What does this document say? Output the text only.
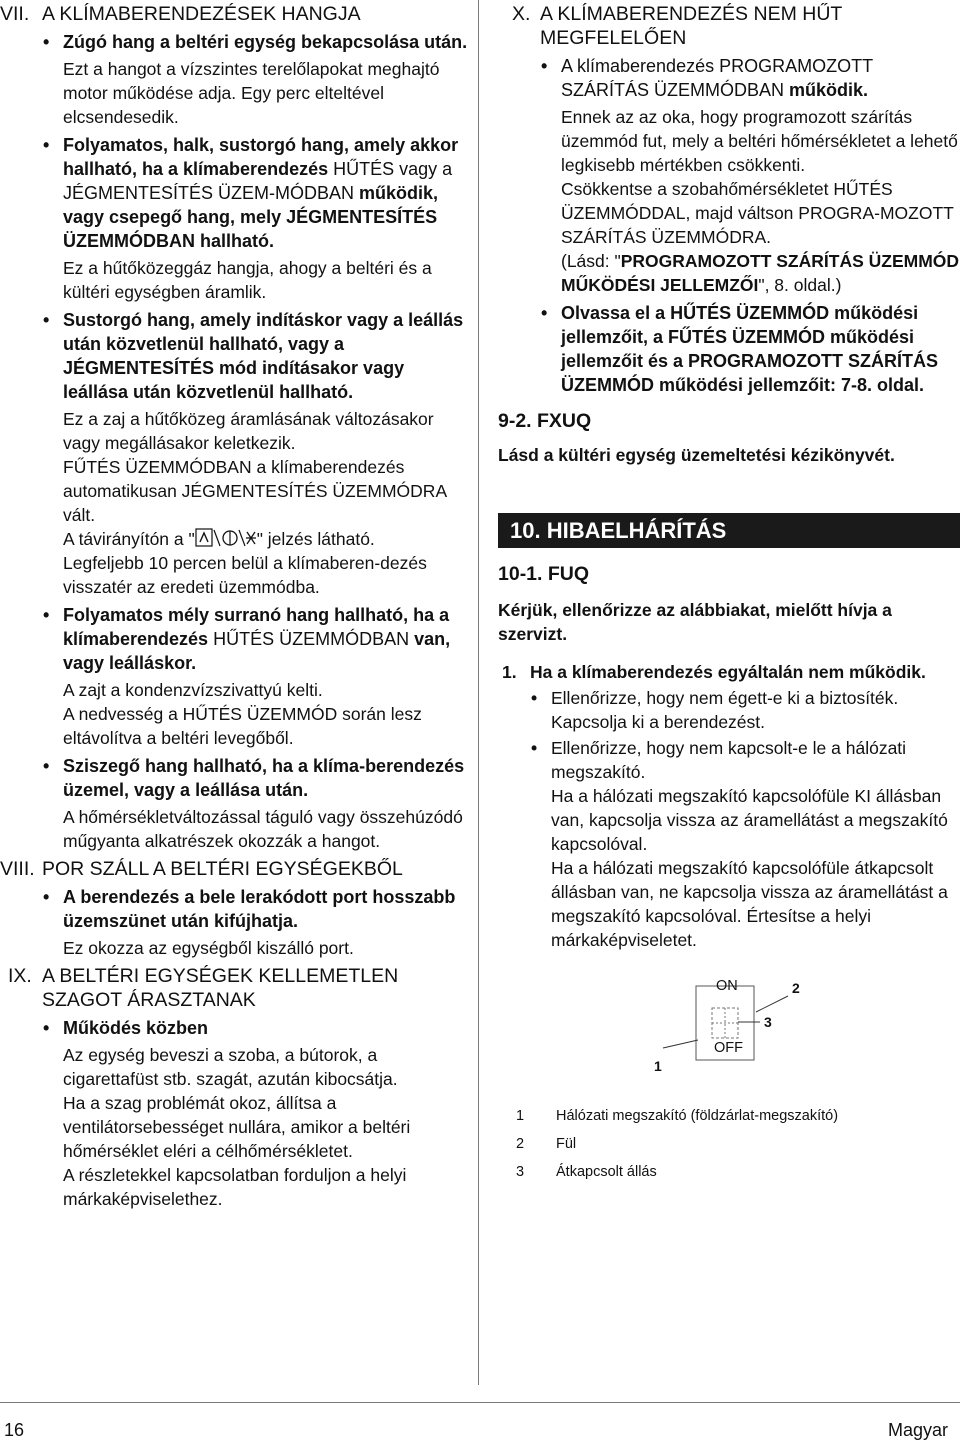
VII. A KLÍMABERENDEZÉSEK HANGJA
• Zúgó hang a beltéri egység bekapcsolása után.
Ezt a hangot a vízszintes terelőlapokat meghajtó motor működése adja. Egy perc elteltével elcsendesedik.
• Folyamatos, halk, sustorgó hang, amely akkor hallható, ha a klímaberendezés HŰTÉS vagy a JÉGMENTESÍTÉS ÜZEM-MÓDBAN működik, vagy csepegő hang, mely JÉGMENTESÍTÉS ÜZEMMÓDBAN hallható.
Ez a hűtőközeggáz hangja, ahogy a beltéri és a kültéri egységben áramlik.
• Sustorgó hang, amely indításkor vagy a leállás után közvetlenül hallható, vagy a JÉGMENTESÍTÉS mód indításakor vagy leállása után közvetlenül hallható.
Ez a zaj a hűtőközeg áramlásának változásakor vagy megállásakor keletkezik.
FŰTÉS ÜZEMMÓDBAN a klímaberendezés automatikusan JÉGMENTESÍTÉS ÜZEMMÓDRA vált.
A távirányítón a "	" jelzés látható.
Legfeljebb 10 percen belül a klímaberen-dezés visszatér az eredeti üzemmódba.
• Folyamatos mély surranó hang hallható, ha a klímaberendezés HŰTÉS ÜZEMMÓDBAN van, vagy leálláskor.
A zajt a kondenzvízszivattyú kelti.
A nedvesség a HŰTÉS ÜZEMMÓD során lesz eltávolítva a beltéri levegőből.
• Sziszegő hang hallható, ha a klíma-berendezés üzemel, vagy a leállása után.
A hőmérsékletváltozással táguló vagy összehúzódó műgyanta alkatrészek okozzák a hangot.
VIII. POR SZÁLL A BELTÉRI EGYSÉGEKBŐL
• A berendezés a bele lerakódott port hosszabb üzemszünet után kifújhatja.
Ez okozza az egységből kiszálló port.
IX. A BELTÉRI EGYSÉGEK KELLEMETLEN SZAGOT ÁRASZTANAK
• Működés közben
Az egység beveszi a szoba, a bútorok, a cigarettafüst stb. szagát, azután kibocsátja.
Ha a szag problémát okoz, állítsa a ventilátorsebességet nullára, amikor a beltéri hőmérséklet eléri a célhőmérsékletet.
A részletekkel kapcsolatban forduljon a helyi márkaképviselethez.
X. A KLÍMABERENDEZÉS NEM HŰT MEGFELELŐEN
• A klímaberendezés PROGRAMOZOTT SZÁRÍTÁS ÜZEMMÓDBAN működik.
Ennek az az oka, hogy programozott szárítás üzemmód fut, mely a beltéri hőmérsékletet a lehető legkisebb mértékben csökkenti.
Csökkentse a szobahőmérsékletet HŰTÉS ÜZEMMÓDDAL, majd váltson PROGRA-MOZOTT SZÁRÍTÁS ÜZEMMÓDRA.
(Lásd: "PROGRAMOZOTT SZÁRÍTÁS ÜZEMMÓD MŰKÖDÉSI JELLEMZŐI", 8. oldal.)
• Olvassa el a HŰTÉS ÜZEMMÓD működési jellemzőit, a FŰTÉS ÜZEMMÓD működési jellemzőit és a PROGRAMOZOTT SZÁRÍTÁS ÜZEMMÓD működési jellemzőit: 7-8. oldal.
9-2. FXUQ
Lásd a kültéri egység üzemeltetési kézikönyvét.
10. HIBAELHÁRÍTÁS
10-1. FUQ
Kérjük, ellenőrizze az alábbiakat, mielőtt hívja a szervizt.
1. Ha a klímaberendezés egyáltalán nem működik.
• Ellenőrizze, hogy nem égett-e ki a biztosíték. Kapcsolja ki a berendezést.
• Ellenőrizze, hogy nem kapcsolt-e le a hálózati megszakító.
Ha a hálózati megszakító kapcsolófüle KI állásban van, kapcsolja vissza az áramellátást a megszakító kapcsolóval.
Ha a hálózati megszakító kapcsolófüle átkapcsolt állásban van, ne kapcsolja vissza az áramellátást a megszakító kapcsolóval. Értesítse a helyi márkaképviseletet.
ON
OFF
1
2
3
1 Hálózati megszakító (földzárlat-megszakító)
2 Fül
3 Átkapcsolt állás
16	Magyar
